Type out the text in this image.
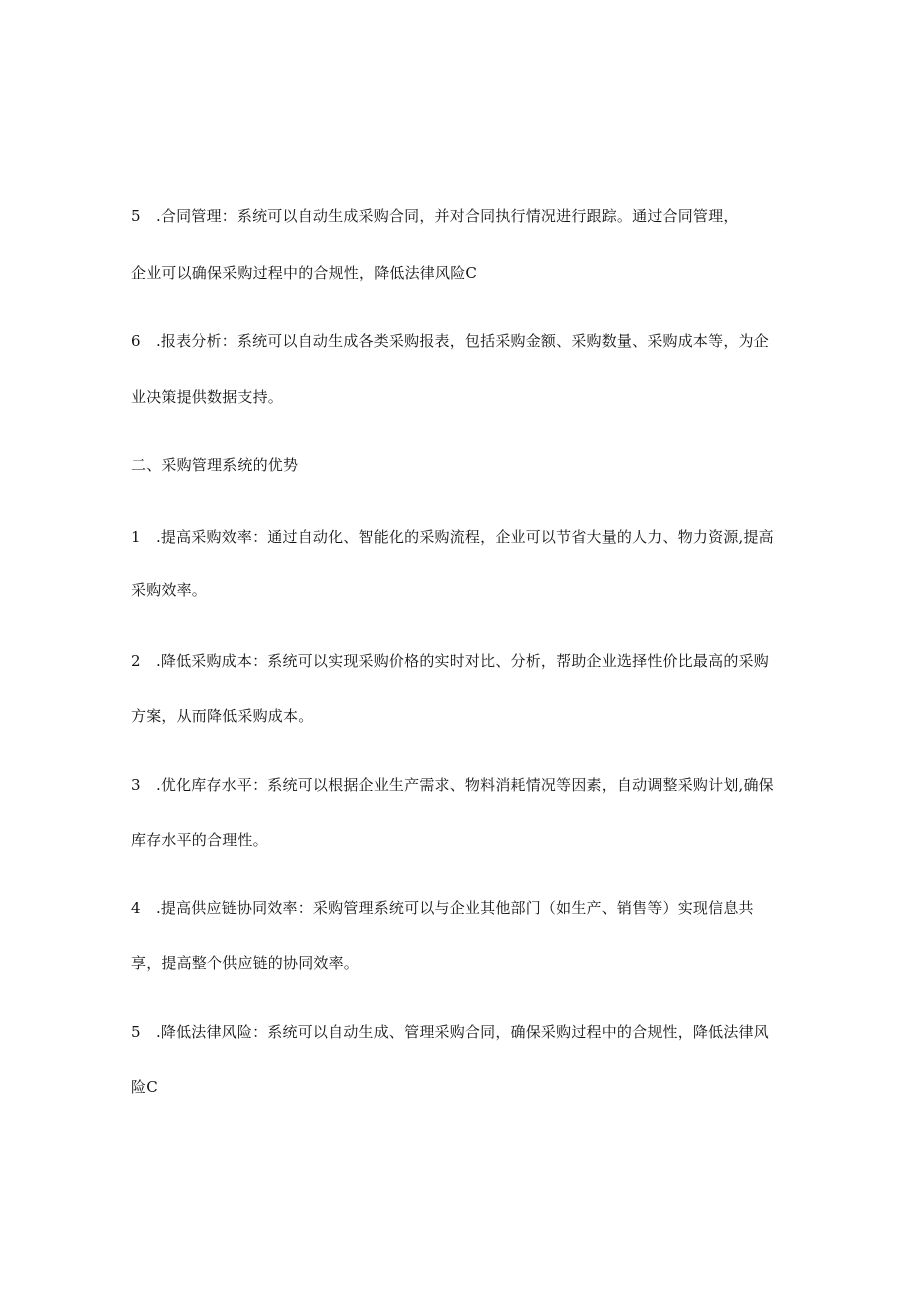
5　.合同管理：系统可以自动生成采购合同，并对合同执行情况进行跟踪。通过合同管理，
企业可以确保采购过程中的合规性，降低法律风险C
6　.报表分析：系统可以自动生成各类采购报表，包括采购金额、采购数量、采购成本等，为企
业决策提供数据支持。
二、采购管理系统的优势
1　.提高采购效率：通过自动化、智能化的采购流程，企业可以节省大量的人力、物力资源,提高
采购效率。
2　.降低采购成本：系统可以实现采购价格的实时对比、分析，帮助企业选择性价比最高的采购
方案，从而降低采购成本。
3　.优化库存水平：系统可以根据企业生产需求、物料消耗情况等因素，自动调整采购计划,确保
库存水平的合理性。
4　.提高供应链协同效率：采购管理系统可以与企业其他部门（如生产、销售等）实现信息共
享，提高整个供应链的协同效率。
5　.降低法律风险：系统可以自动生成、管理采购合同，确保采购过程中的合规性，降低法律风
险C
